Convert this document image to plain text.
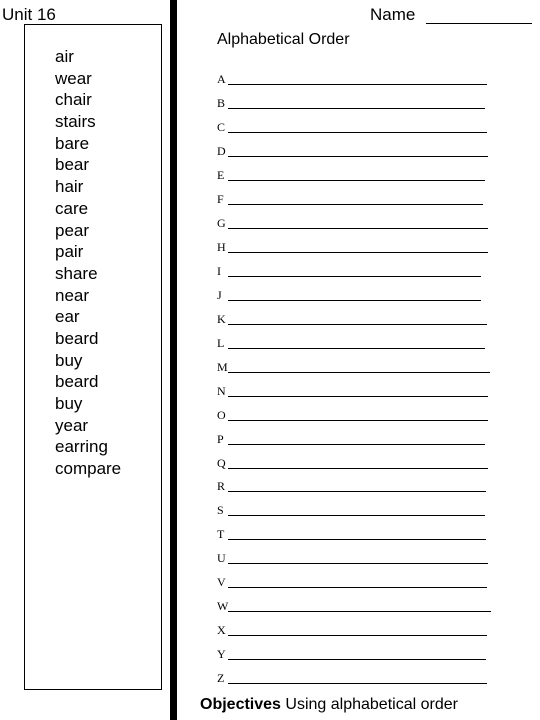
Unit 16
air
wear
chair
stairs
bare
bear
hair
care
pear
pair
share
near
ear
beard
buy
beard
buy
year
earring
compare
Name
Alphabetical Order
A
B
C
D
E
F
G
H
I
J
K
L
M
N
O
P
Q
R
S
T
U
V
W
X
Y
Z
Objectives Using alphabetical order
